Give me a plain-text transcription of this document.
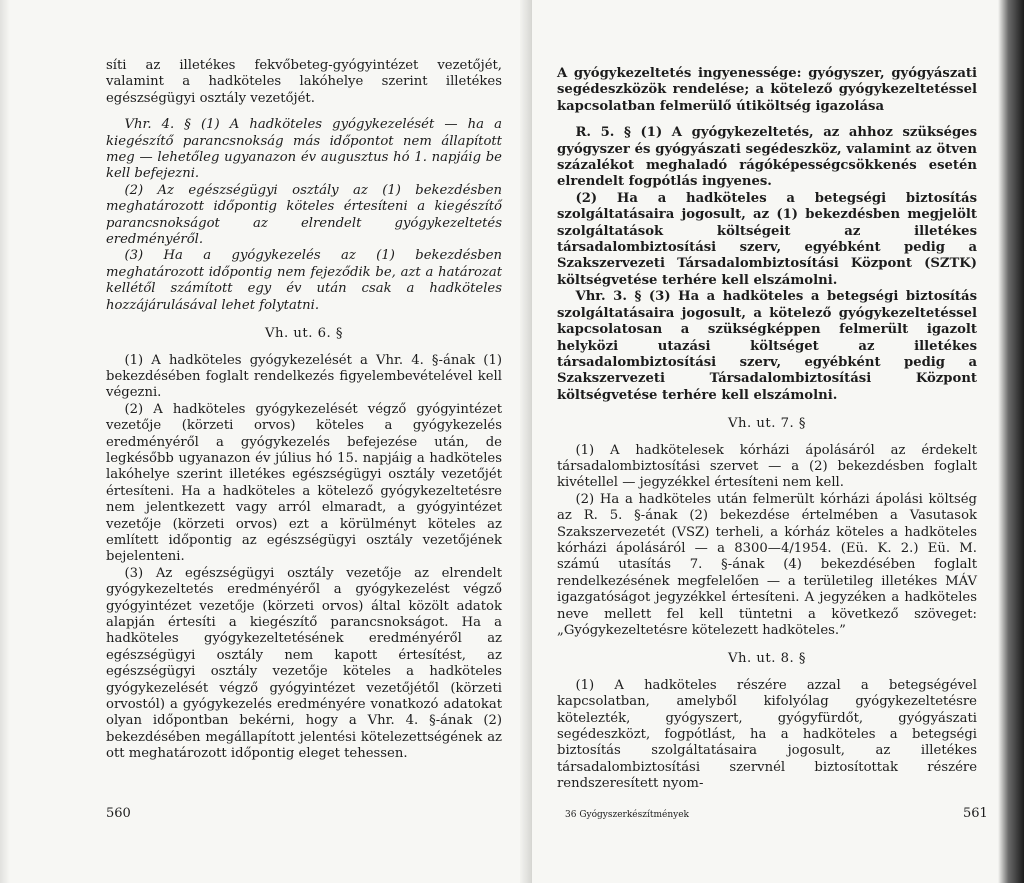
síti az illetékes fekvőbeteg-gyógyintézet vezetőjét, valamint a hadköteles lakóhelye szerint illetékes egészségügyi osztály vezetőjét.

Vhr. 4. § (1) A hadköteles gyógykezelését — ha a kiegészítő parancsnokság más időpontot nem állapított meg — lehetőleg ugyanazon év augusztus hó 1. napjáig be kell befejezni.

(2) Az egészségügyi osztály az (1) bekezdésben meghatározott időpontig köteles értesíteni a kiegészítő parancsnokságot az elrendelt gyógykezeltetés eredményéről.

(3) Ha a gyógykezelés az (1) bekezdésben meghatározott időpontig nem fejeződik be, azt a határozat kellétől számított egy év után csak a hadköteles hozzájárulásával lehet folytatni.

Vh. ut. 6. §

(1) A hadköteles gyógykezelését a Vhr. 4. §-ának (1) bekezdésében foglalt rendelkezés figyelembevételével kell végezni.

(2) A hadköteles gyógykezelését végző gyógyintézet vezetője (körzeti orvos) köteles a gyógykezelés eredményéről a gyógykezelés befejezése után, de legkésőbb ugyanazon év július hó 15. napjáig a hadköteles lakóhelye szerint illetékes egészségügyi osztály vezetőjét értesíteni. Ha a hadköteles a kötelező gyógykezeltetésre nem jelentkezett vagy arról elmaradt, a gyógyintézet vezetője (körzeti orvos) ezt a körülményt köteles az említett időpontig az egészségügyi osztály vezetőjének bejelenteni.

(3) Az egészségügyi osztály vezetője az elrendelt gyógykezeltetés eredményéről a gyógykezelést végző gyógyintézet vezetője (körzeti orvos) által közölt adatok alapján értesíti a kiegészítő parancsnokságot. Ha a hadköteles gyógykezeltetésének eredményéről az egészségügyi osztály nem kapott értesítést, az egészségügyi osztály vezetője köteles a hadköteles gyógykezelését végző gyógyintézet vezetőjétől (körzeti orvostól) a gyógykezelés eredményére vonatkozó adatokat olyan időpontban bekérni, hogy a Vhr. 4. §-ának (2) bekezdésében megállapított jelentési kötelezettségének az ott meghatározott időpontig eleget tehessen.

560

A gyógykezeltetés ingyenessége: gyógyszer, gyógyászati segédeszközök rendelése; a kötelező gyógykezeltetéssel kapcsolatban felmerülő útiköltség igazolása

R. 5. § (1) A gyógykezeltetés, az ahhoz szükséges gyógyszer és gyógyászati segédeszköz, valamint az ötven százalékot meghaladó rágóképességcsökkenés esetén elrendelt fogpótlás ingyenes.

(2) Ha a hadköteles a betegségi biztosítás szolgáltatásaira jogosult, az (1) bekezdésben megjelölt szolgáltatások költségeit az illetékes társadalombiztosítási szerv, egyébként pedig a Szakszervezeti Társadalombiztosítási Központ (SZTK) költségvetése terhére kell elszámolni.

Vhr. 3. § (3) Ha a hadköteles a betegségi biztosítás szolgáltatásaira jogosult, a kötelező gyógykezeltetéssel kapcsolatosan a szükségképpen felmerült igazolt helyközi utazási költséget az illetékes társadalombiztosítási szerv, egyébként pedig a Szakszervezeti Társadalombiztosítási Központ költségvetése terhére kell elszámolni.

Vh. ut. 7. §

(1) A hadkötelesek kórházi ápolásáról az érdekelt társadalombiztosítási szervet — a (2) bekezdésben foglalt kivétellel — jegyzékkel értesíteni nem kell.

(2) Ha a hadköteles után felmerült kórházi ápolási költség az R. 5. §-ának (2) bekezdése értelmében a Vasutasok Szakszervezetét (VSZ) terheli, a kórház köteles a hadköteles kórházi ápolásáról — a 8300—4/1954. (Eü. K. 2.) Eü. M. számú utasítás 7. §-ának (4) bekezdésében foglalt rendelkezésének megfelelően — a területileg illetékes MÁV igazgatóságot jegyzékkel értesíteni. A jegyzéken a hadköteles neve mellett fel kell tüntetni a következő szöveget: „Gyógykezeltetésre kötelezett hadköteles.”

Vh. ut. 8. §

(1) A hadköteles részére azzal a betegségével kapcsolatban, amelyből kifolyólag gyógykezeltetésre kötelezték, gyógyszert, gyógyfürdőt, gyógyászati segédeszközt, fogpótlást, ha a hadköteles a betegségi biztosítás szolgáltatásaira jogosult, az illetékes társadalombiztosítási szervnél biztosítottak részére rendszeresített nyom-

36 Gyógyszerkészítmények	561
